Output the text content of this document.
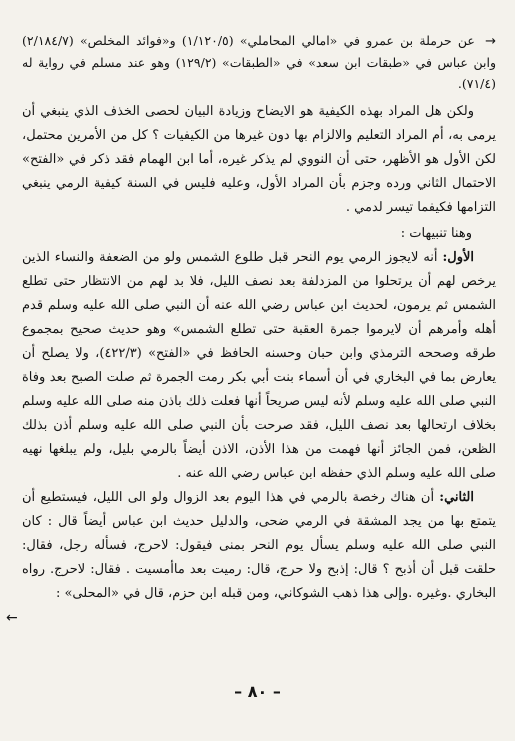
→ عن حرملة بن عمرو في «امالي المحاملي» (١/١٢٠/٥) و«فوائد المخلص» (٢/١٨٤/٧) وابن عباس في «طبقات ابن سعد» في «الطبقات» (١٢٩/٢) وهو عند مسلم في رواية له (٧١/٤).

ولكن هل المراد بهذه الكيفية هو الايضاح وزيادة البيان لحصى الخذف الذي ينبغي أن يرمى به، أم المراد التعليم والالزام بها دون غيرها من الكيفيات ؟ كل من الأمرين محتمل، لكن الأول هو الأظهر، حتى أن النووي لم يذكر غيره، أما ابن الهمام فقد ذكر في «الفتح» الاحتمال الثاني ورده وجزم بأن المراد الأول، وعليه فليس في السنة كيفية الرمي ينبغي التزامها فكيفما تيسر لدمي .

وهنا تنبيهات :

الأول: أنه لايجوز الرمي يوم النحر قبل طلوع الشمس ولو من الضعفة والنساء الذين يرخص لهم أن يرتحلوا من المزدلفة بعد نصف الليل، فلا بد لهم من الانتظار حتى تطلع الشمس ثم يرمون، لحديث ابن عباس رضي الله عنه أن النبي صلى الله عليه وسلم قدم أهله وأمرهم أن لايرموا جمرة العقبة حتى تطلع الشمس» وهو حديث صحيح بمجموع طرقه وصححه الترمذي وابن حبان وحسنه الحافظ في «الفتح» (٤٢٢/٣)، ولا يصلح أن يعارض بما في البخاري في أن أسماء بنت أبي بكر رمت الجمرة ثم صلت الصبح بعد وفاة النبي صلى الله عليه وسلم لأنه ليس صريحاً أنها فعلت ذلك باذن منه صلى الله عليه وسلم بخلاف ارتحالها بعد نصف الليل، فقد صرحت بأن النبي صلى الله عليه وسلم أذن بذلك الظعن، فمن الجائز أنها فهمت من هذا الأذن، الاذن أيضاً بالرمي بليل، ولم يبلغها نهيه صلى الله عليه وسلم الذي حفظه ابن عباس رضي الله عنه .

الثاني: أن هناك رخصة بالرمي في هذا اليوم بعد الزوال ولو الى الليل، فيستطيع أن يتمتع بها من يجد المشقة في الرمي ضحى، والدليل حديث ابن عباس أيضاً قال : كان النبي صلى الله عليه وسلم يسأل يوم النحر بمنى فيقول: لاحرج، فسأله رجل، فقال: حلقت قبل أن أذبح ؟ قال: إذبح ولا حرج، قال: رميت بعد ماأمسيت . فقال: لاحرج. رواه البخاري .وغيره .وإلى هذا ذهب الشوكاني، ومن قبله ابن حزم، قال في «المحلى» :

←
– ٨٠ –
